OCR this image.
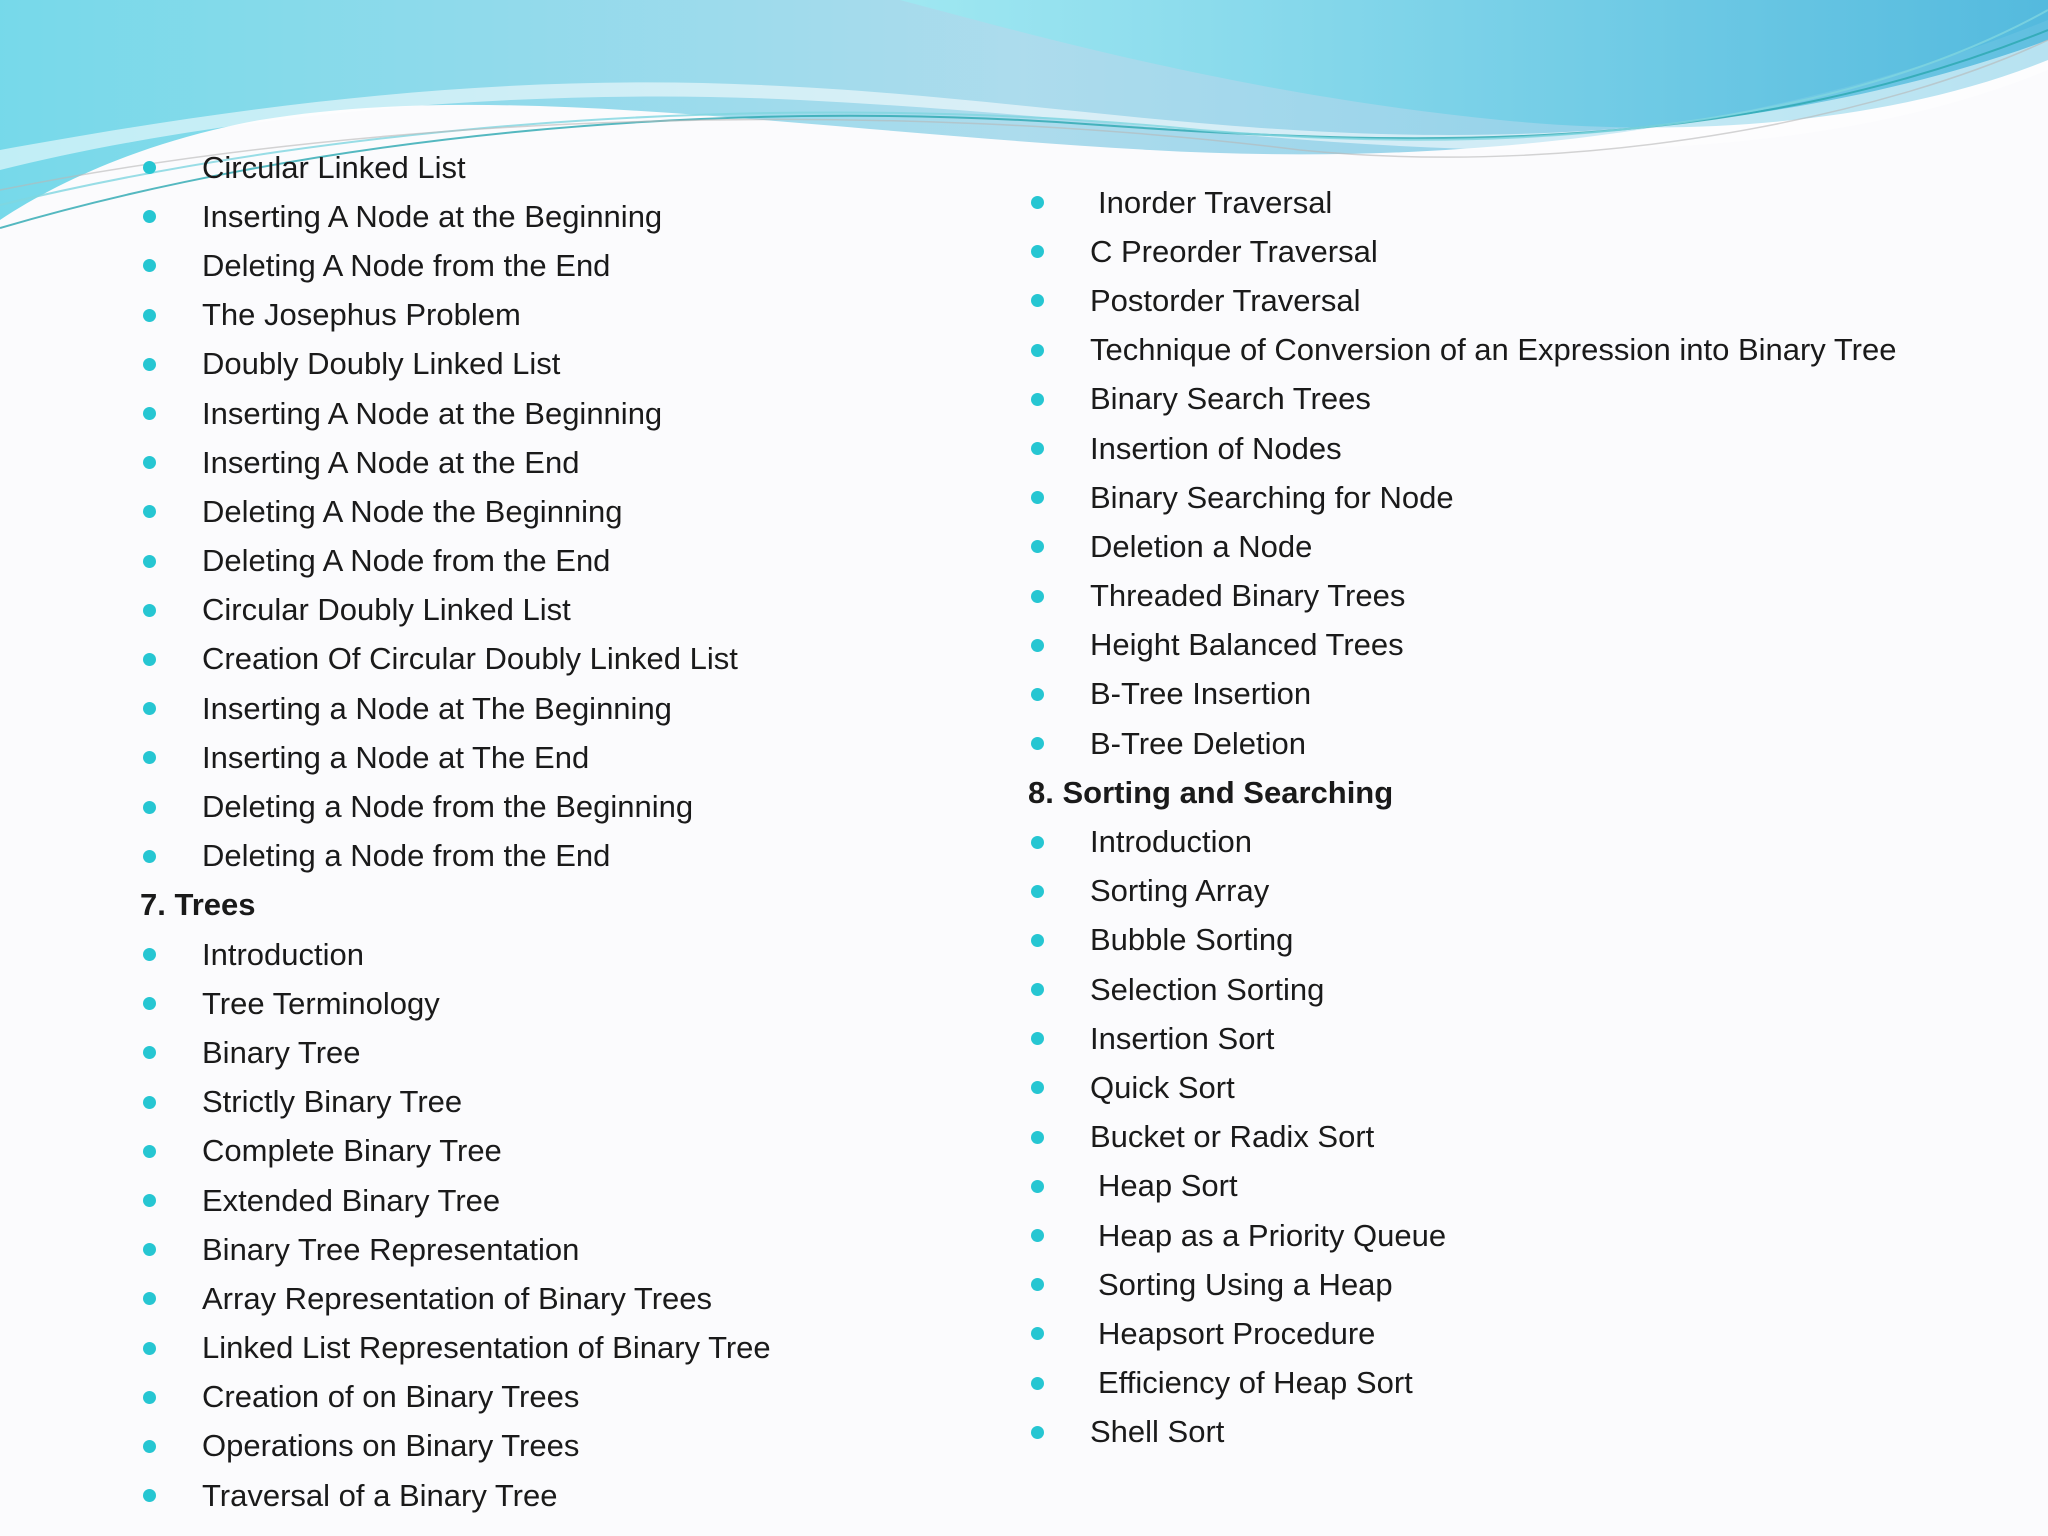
Circular Linked List
Inserting A Node at the Beginning
Deleting A Node from the End
The Josephus Problem
Doubly Doubly Linked List
Inserting A Node at the Beginning
Inserting A Node at the End
Deleting A Node the Beginning
Deleting A Node from the End
Circular Doubly Linked List
Creation Of Circular Doubly Linked List
Inserting a Node at The Beginning
Inserting a Node at The End
Deleting a Node from the Beginning
Deleting a Node from the End
7. Trees
Introduction
Tree Terminology
Binary Tree
Strictly Binary Tree
Complete Binary Tree
Extended Binary Tree
Binary Tree Representation
Array Representation of Binary Trees
Linked List Representation of Binary Tree
Creation of on Binary Trees
Operations on Binary Trees
Traversal of a Binary Tree
Inorder Traversal
C Preorder Traversal
Postorder Traversal
Technique of Conversion of an Expression into Binary Tree
Binary Search Trees
Insertion of Nodes
Binary Searching for Node
Deletion a Node
Threaded Binary Trees
Height Balanced Trees
B-Tree Insertion
B-Tree Deletion
8. Sorting and Searching
Introduction
Sorting Array
Bubble Sorting
Selection Sorting
Insertion Sort
Quick Sort
Bucket or Radix Sort
Heap Sort
Heap as a Priority Queue
Sorting Using a Heap
Heapsort Procedure
Efficiency of Heap Sort
Shell Sort
